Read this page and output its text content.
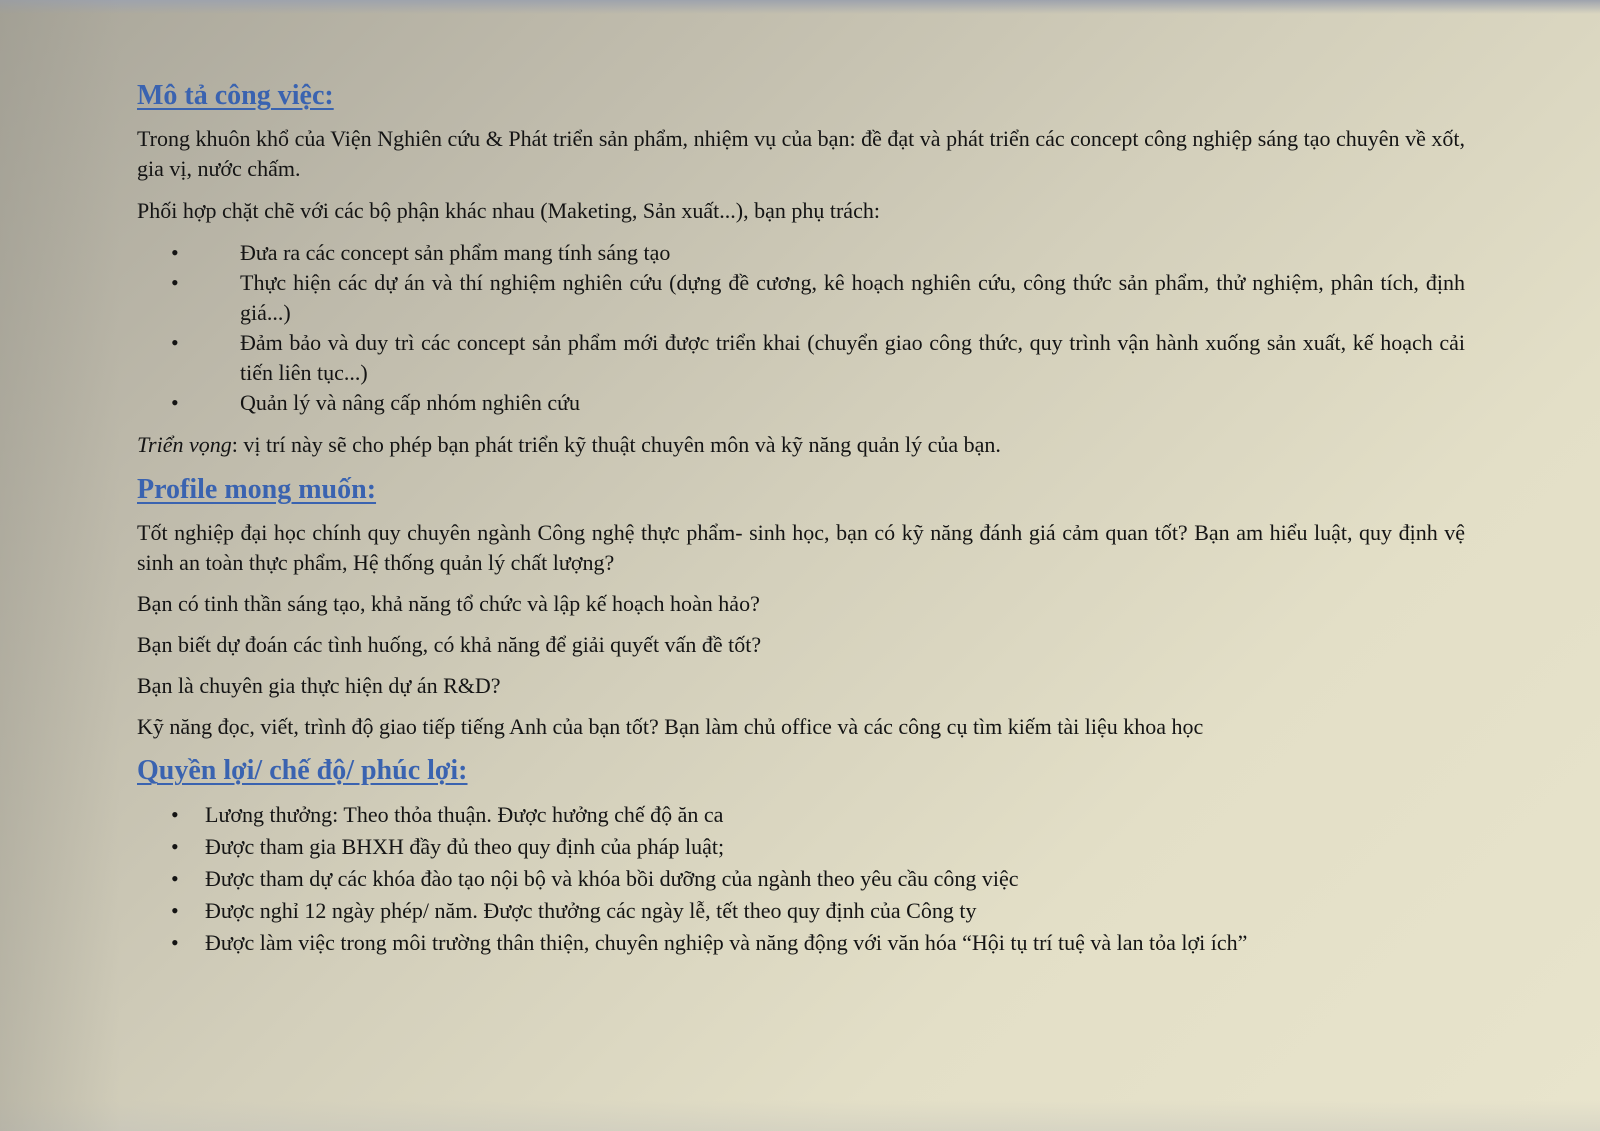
Mô tả công việc:

Trong khuôn khổ của Viện Nghiên cứu & Phát triển sản phẩm, nhiệm vụ của bạn: đề đạt và phát triển các concept công nghiệp sáng tạo chuyên về xốt, gia vị, nước chấm.

Phối hợp chặt chẽ với các bộ phận khác nhau (Maketing, Sản xuất...), bạn phụ trách:

• Đưa ra các concept sản phẩm mang tính sáng tạo
• Thực hiện các dự án và thí nghiệm nghiên cứu (dựng đề cương, kê hoạch nghiên cứu, công thức sản phẩm, thử nghiệm, phân tích, định giá...)
• Đảm bảo và duy trì các concept sản phẩm mới được triển khai (chuyển giao công thức, quy trình vận hành xuống sản xuất, kế hoạch cải tiến liên tục...)
• Quản lý và nâng cấp nhóm nghiên cứu

Triển vọng: vị trí này sẽ cho phép bạn phát triển kỹ thuật chuyên môn và kỹ năng quản lý của bạn.

Profile mong muốn:

Tốt nghiệp đại học chính quy chuyên ngành Công nghệ thực phẩm- sinh học, bạn có kỹ năng đánh giá cảm quan tốt? Bạn am hiểu luật, quy định vệ sinh an toàn thực phẩm, Hệ thống quản lý chất lượng?

Bạn có tinh thần sáng tạo, khả năng tổ chức và lập kế hoạch hoàn hảo?

Bạn biết dự đoán các tình huống, có khả năng để giải quyết vấn đề tốt?

Bạn là chuyên gia thực hiện dự án R&D?

Kỹ năng đọc, viết, trình độ giao tiếp tiếng Anh của bạn tốt? Bạn làm chủ office và các công cụ tìm kiếm tài liệu khoa học

Quyền lợi/ chế độ/ phúc lợi:
• Lương thưởng: Theo thỏa thuận. Được hưởng chế độ ăn ca
• Được tham gia BHXH đầy đủ theo quy định của pháp luật;
• Được tham dự các khóa đào tạo nội bộ và khóa bồi dưỡng của ngành theo yêu cầu công việc
• Được nghỉ 12 ngày phép/ năm. Được thưởng các ngày lễ, tết theo quy định của Công ty
• Được làm việc trong môi trường thân thiện, chuyên nghiệp và năng động với văn hóa “Hội tụ trí tuệ và lan tỏa lợi ích”
